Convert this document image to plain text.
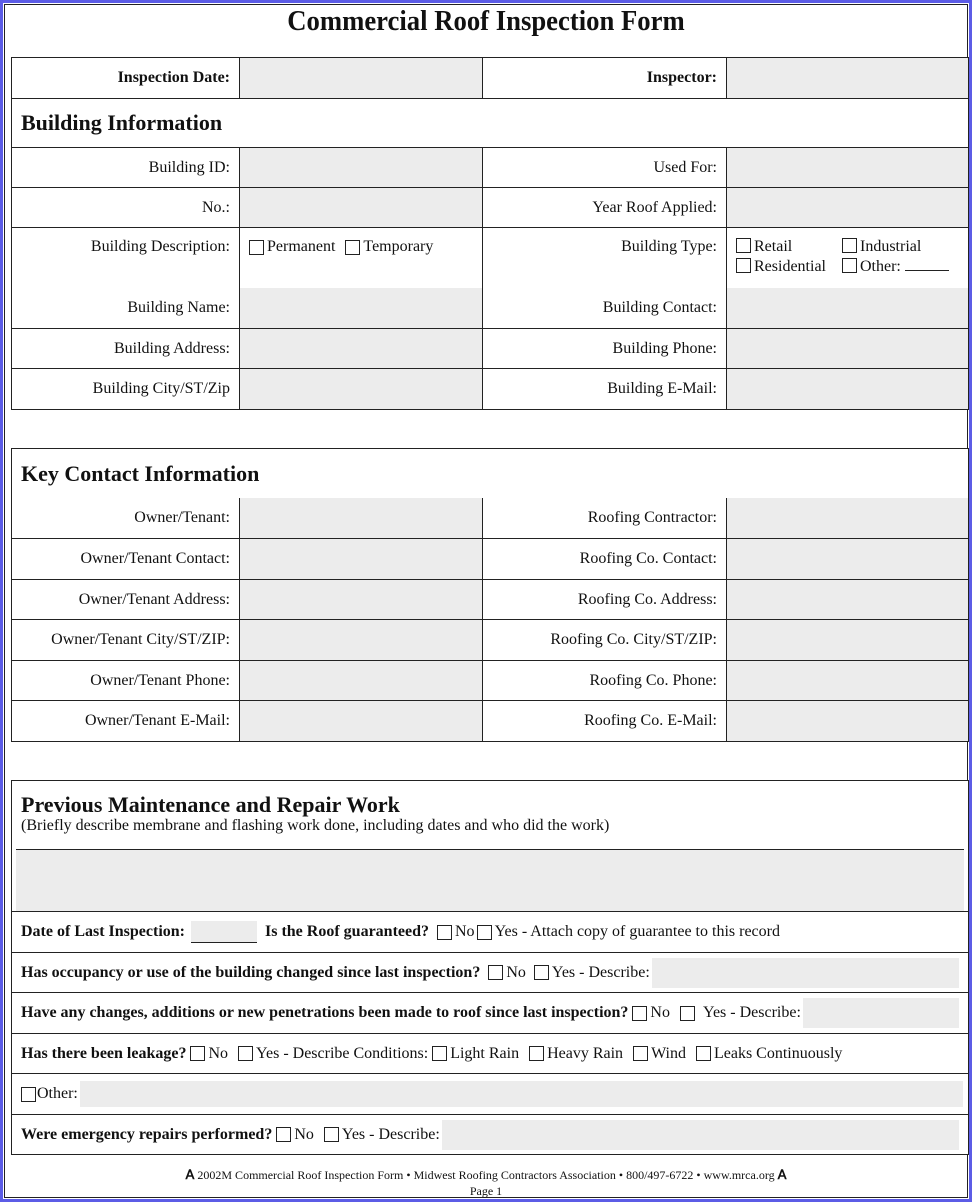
Commercial Roof Inspection Form
Inspection Date:	Inspector:
Building Information
Building ID:	Used For:
No.:	Year Roof Applied:
Building Description:	Permanent Temporary	Building Type:	Retail	Industrial
Residential	Other:
Building Name:	Building Contact:
Building Address:	Building Phone:
Building City/ST/Zip	Building E-Mail:
Key Contact Information
Owner/Tenant:	Roofing Contractor:
Owner/Tenant Contact:	Roofing Co. Contact:
Owner/Tenant Address:	Roofing Co. Address:
Owner/Tenant City/ST/ZIP:	Roofing Co. City/ST/ZIP:
Owner/Tenant Phone:	Roofing Co. Phone:
Owner/Tenant E-Mail:	Roofing Co. E-Mail:
Previous Maintenance and Repair Work
(Briefly describe membrane and flashing work done, including dates and who did the work)
Date of Last Inspection:	Is the Roof guaranteed? No Yes - Attach copy of guarantee to this record
Has occupancy or use of the building changed since last inspection? No Yes - Describe:
Have any changes, additions or new penetrations been made to roof since last inspection? No Yes - Describe:
Has there been leakage? No Yes - Describe Conditions: Light Rain Heavy Rain Wind Leaks Continuously
Other:
Were emergency repairs performed? No Yes - Describe:
𝖠 2002M Commercial Roof Inspection Form • Midwest Roofing Contractors Association • 800/497-6722 • www.mrca.org 𝖠
Page 1
